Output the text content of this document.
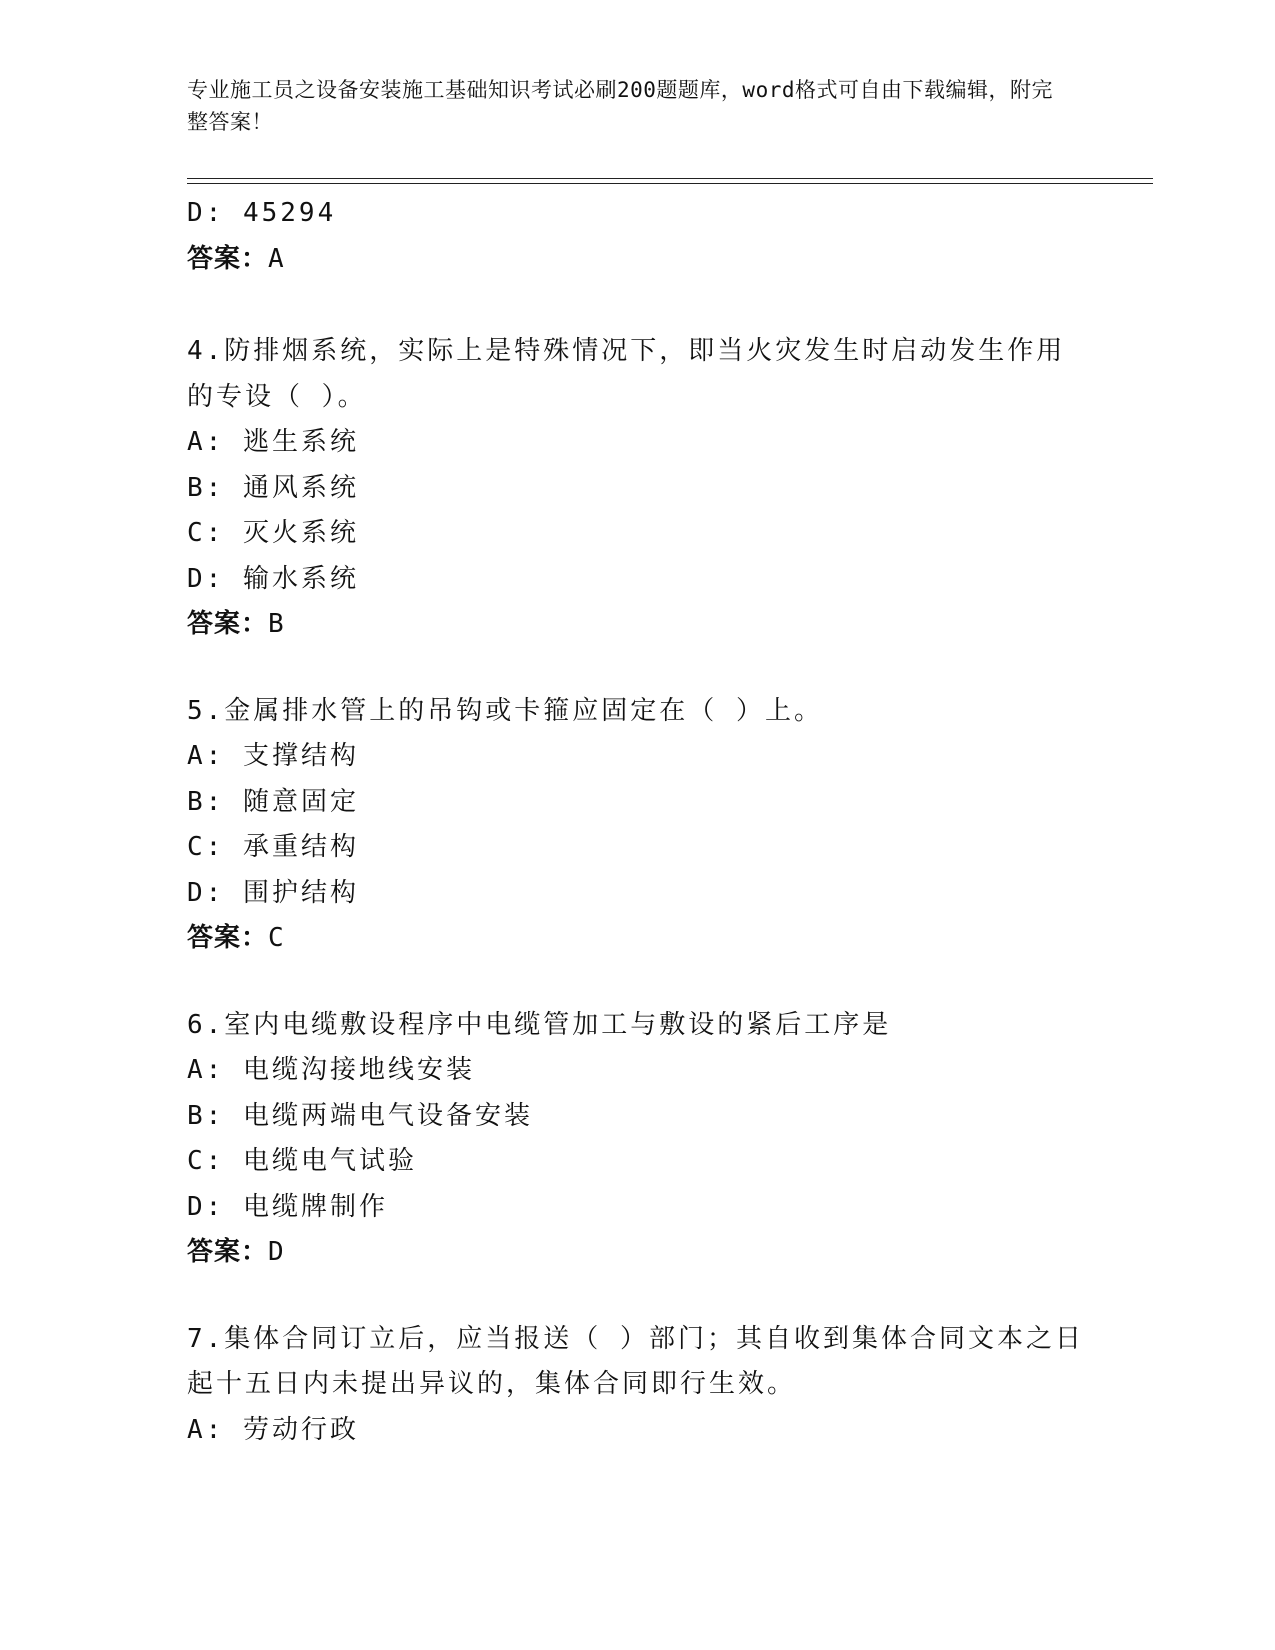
专业施工员之设备安装施工基础知识考试必刷200题题库，word格式可自由下载编辑，附完整答案！
D: 45294
答案：A
4.防排烟系统，实际上是特殊情况下，即当火灾发生时启动发生作用
的专设（ ）。
A: 逃生系统
B: 通风系统
C: 灭火系统
D: 输水系统
答案：B
5.金属排水管上的吊钩或卡箍应固定在（ ）上。
A: 支撑结构
B: 随意固定
C: 承重结构
D: 围护结构
答案：C
6.室内电缆敷设程序中电缆管加工与敷设的紧后工序是
A: 电缆沟接地线安装
B: 电缆两端电气设备安装
C: 电缆电气试验
D: 电缆牌制作
答案：D
7.集体合同订立后，应当报送（ ）部门；其自收到集体合同文本之日
起十五日内未提出异议的，集体合同即行生效。
A: 劳动行政
